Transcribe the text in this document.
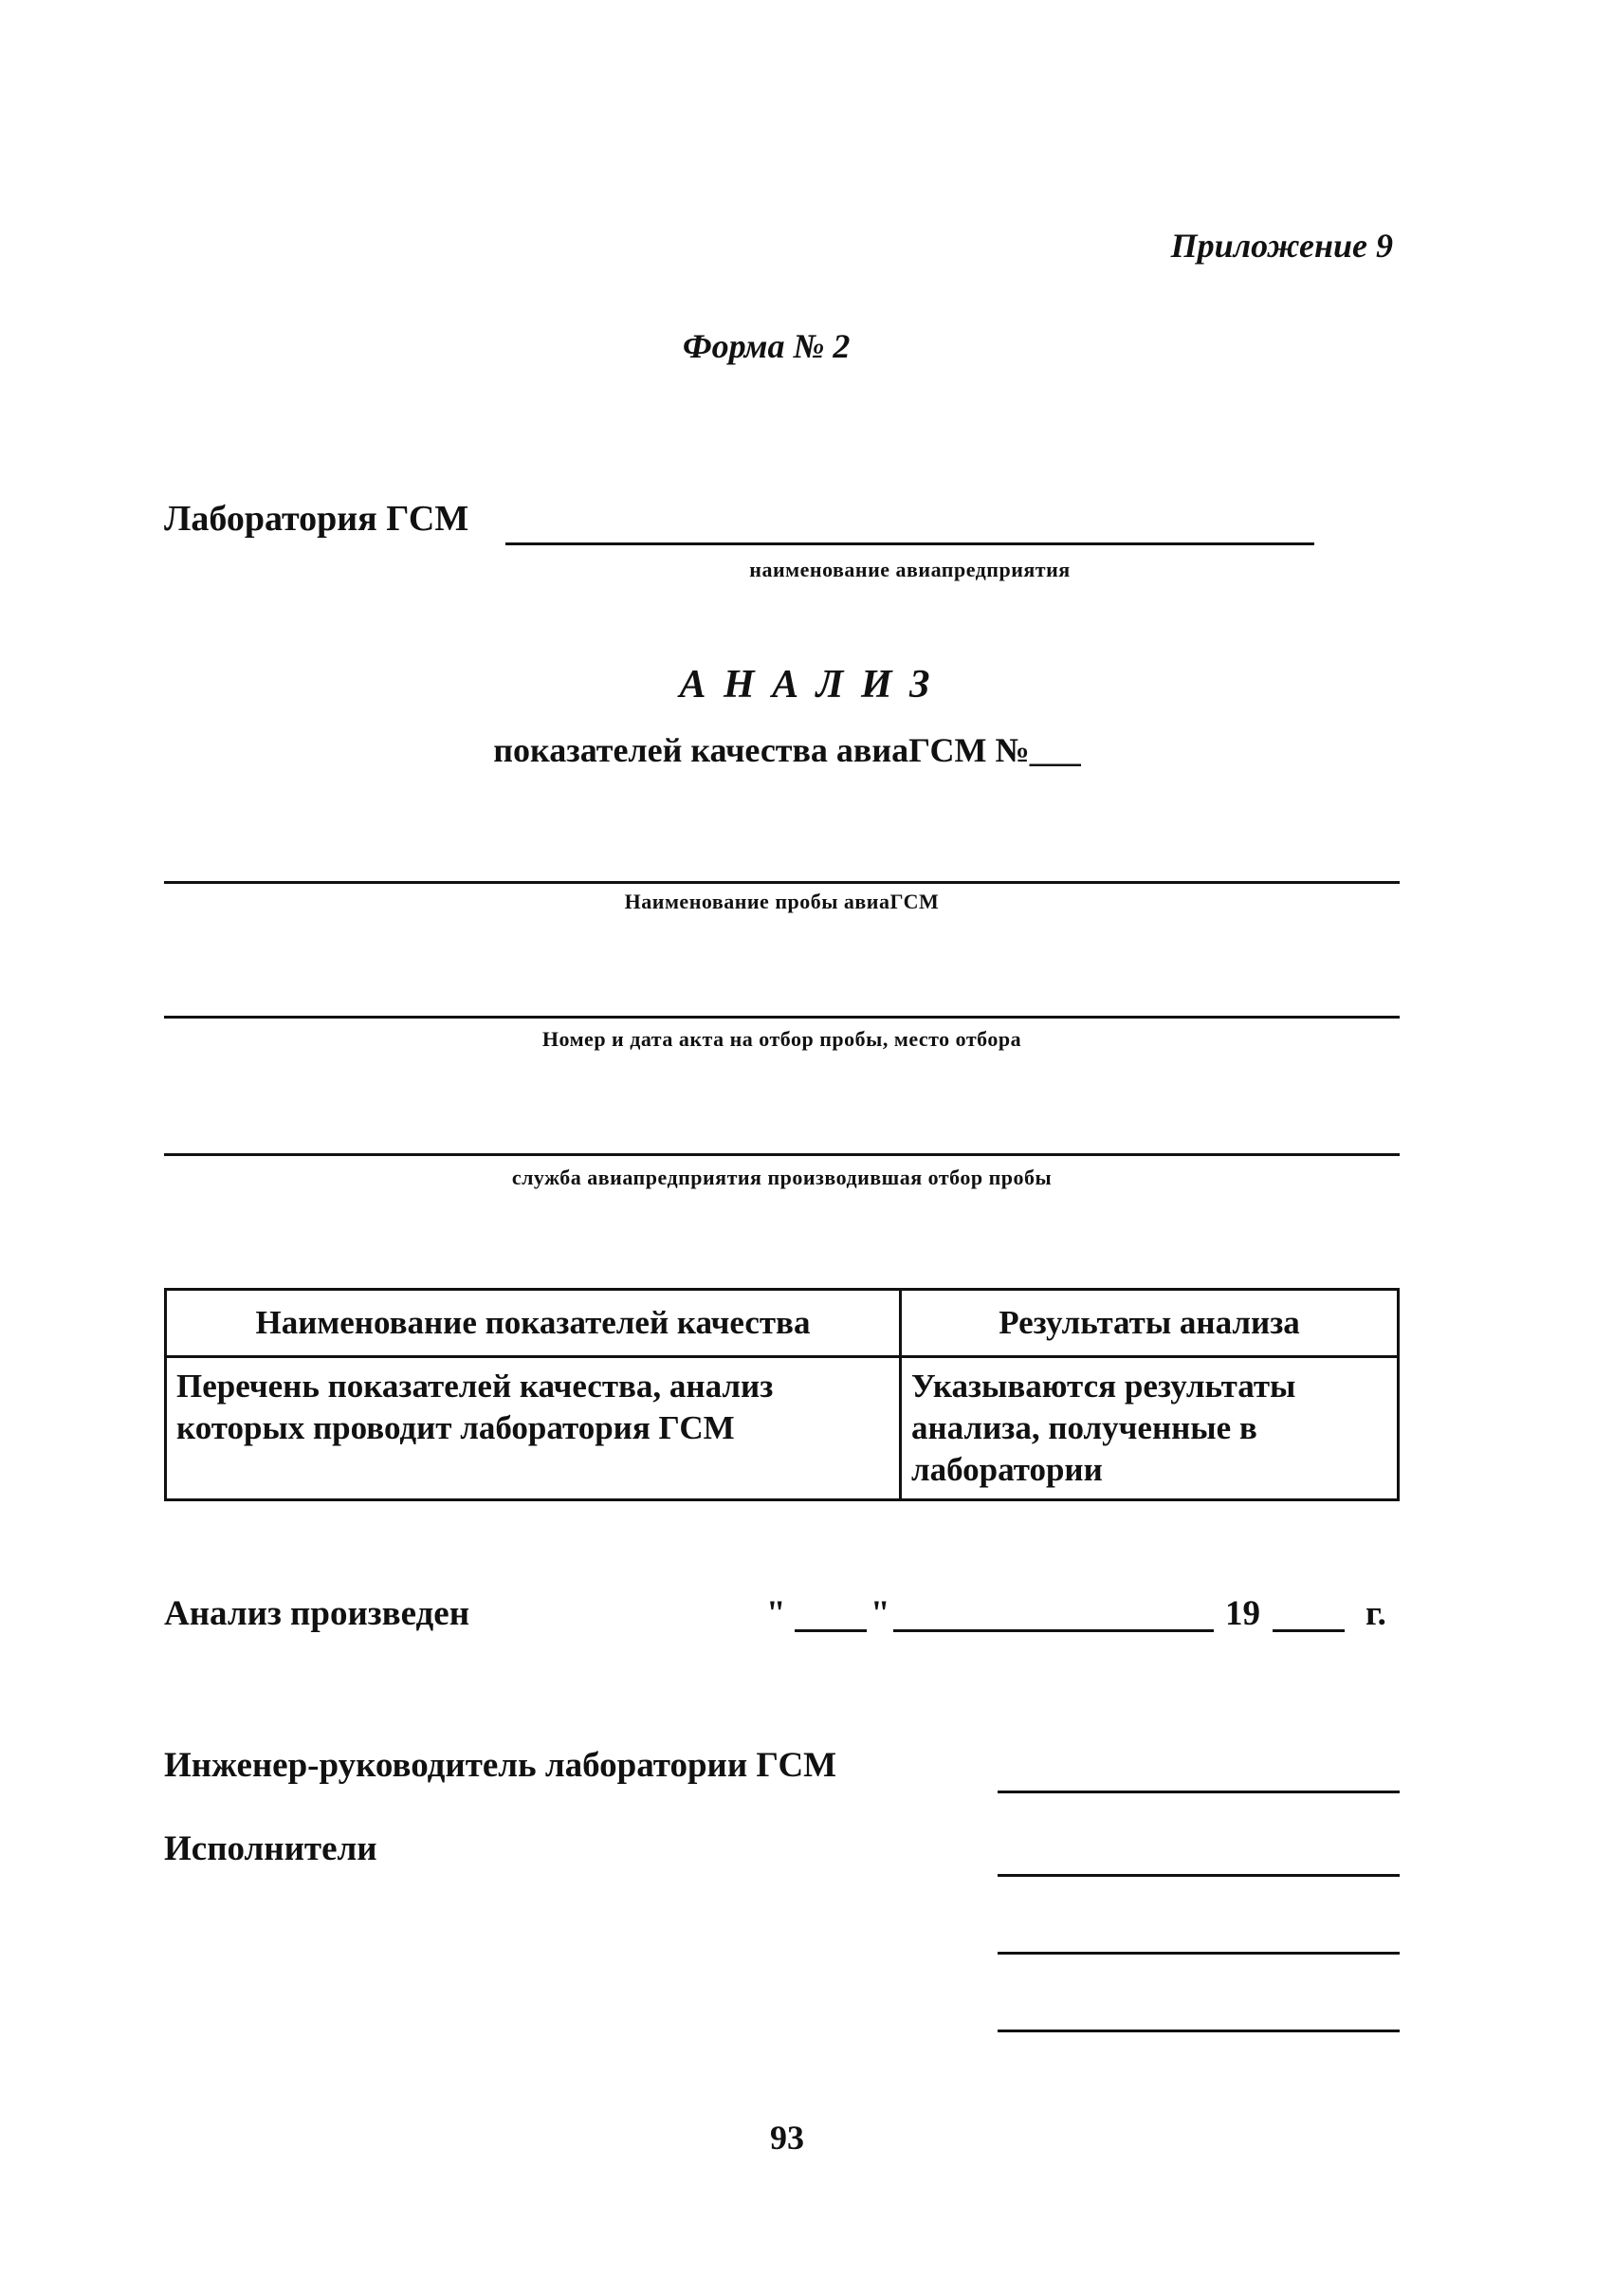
Приложение 9
Форма № 2
Лаборатория ГСМ
наименование авиапредприятия
А Н А Л И З
показателей качества авиаГСМ №___
Наименование пробы авиаГСМ
Номер и дата акта на отбор пробы, место отбора
служба авиапредприятия производившая отбор пробы
Наименование показателей качества	Результаты анализа
Перечень показателей качества, анализ которых проводит лаборатория ГСМ	Указываются результаты анализа, полученные в лаборатории
Анализ произведен	" "	19	г.
Инженер-руководитель лаборатории ГСМ
Исполнители
93
